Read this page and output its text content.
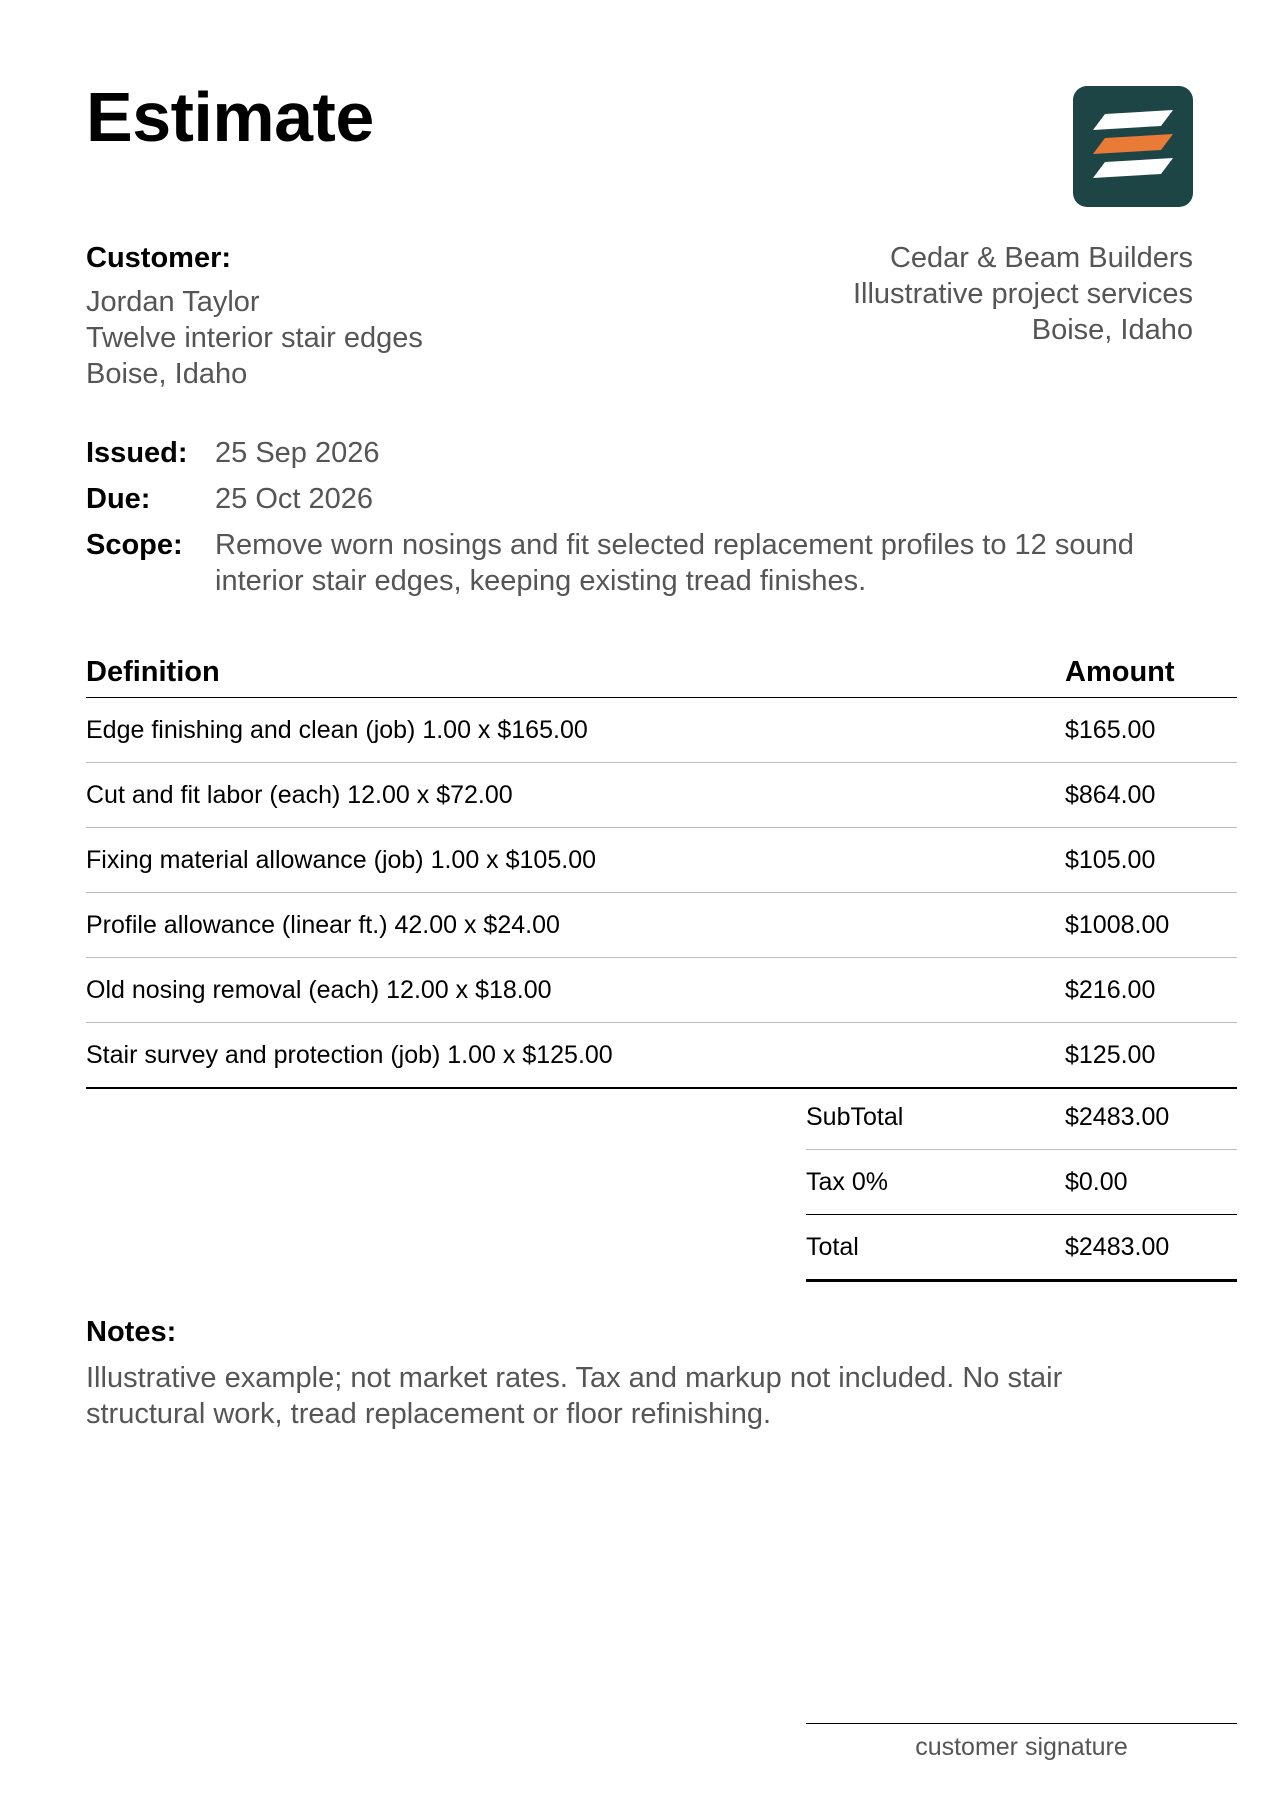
Estimate
Customer:
Jordan Taylor
Twelve interior stair edges
Boise, Idaho
Cedar & Beam Builders
Illustrative project services
Boise, Idaho
Issued: 25 Sep 2026
Due:	25 Oct 2026
Scope:	Remove worn nosings and fit selected replacement profiles to 12 sound interior stair edges, keeping existing tread finishes.
Definition	Amount
Edge finishing and clean (job) 1.00 x $165.00	$165.00
Cut and fit labor (each) 12.00 x $72.00	$864.00
Fixing material allowance (job) 1.00 x $105.00	$105.00
Profile allowance (linear ft.) 42.00 x $24.00	$1008.00
Old nosing removal (each) 12.00 x $18.00	$216.00
Stair survey and protection (job) 1.00 x $125.00	$125.00
SubTotal	$2483.00
Tax 0%	$0.00
Total	$2483.00
Notes:
Illustrative example; not market rates. Tax and markup not included. No stair structural work, tread replacement or floor refinishing.
customer signature
